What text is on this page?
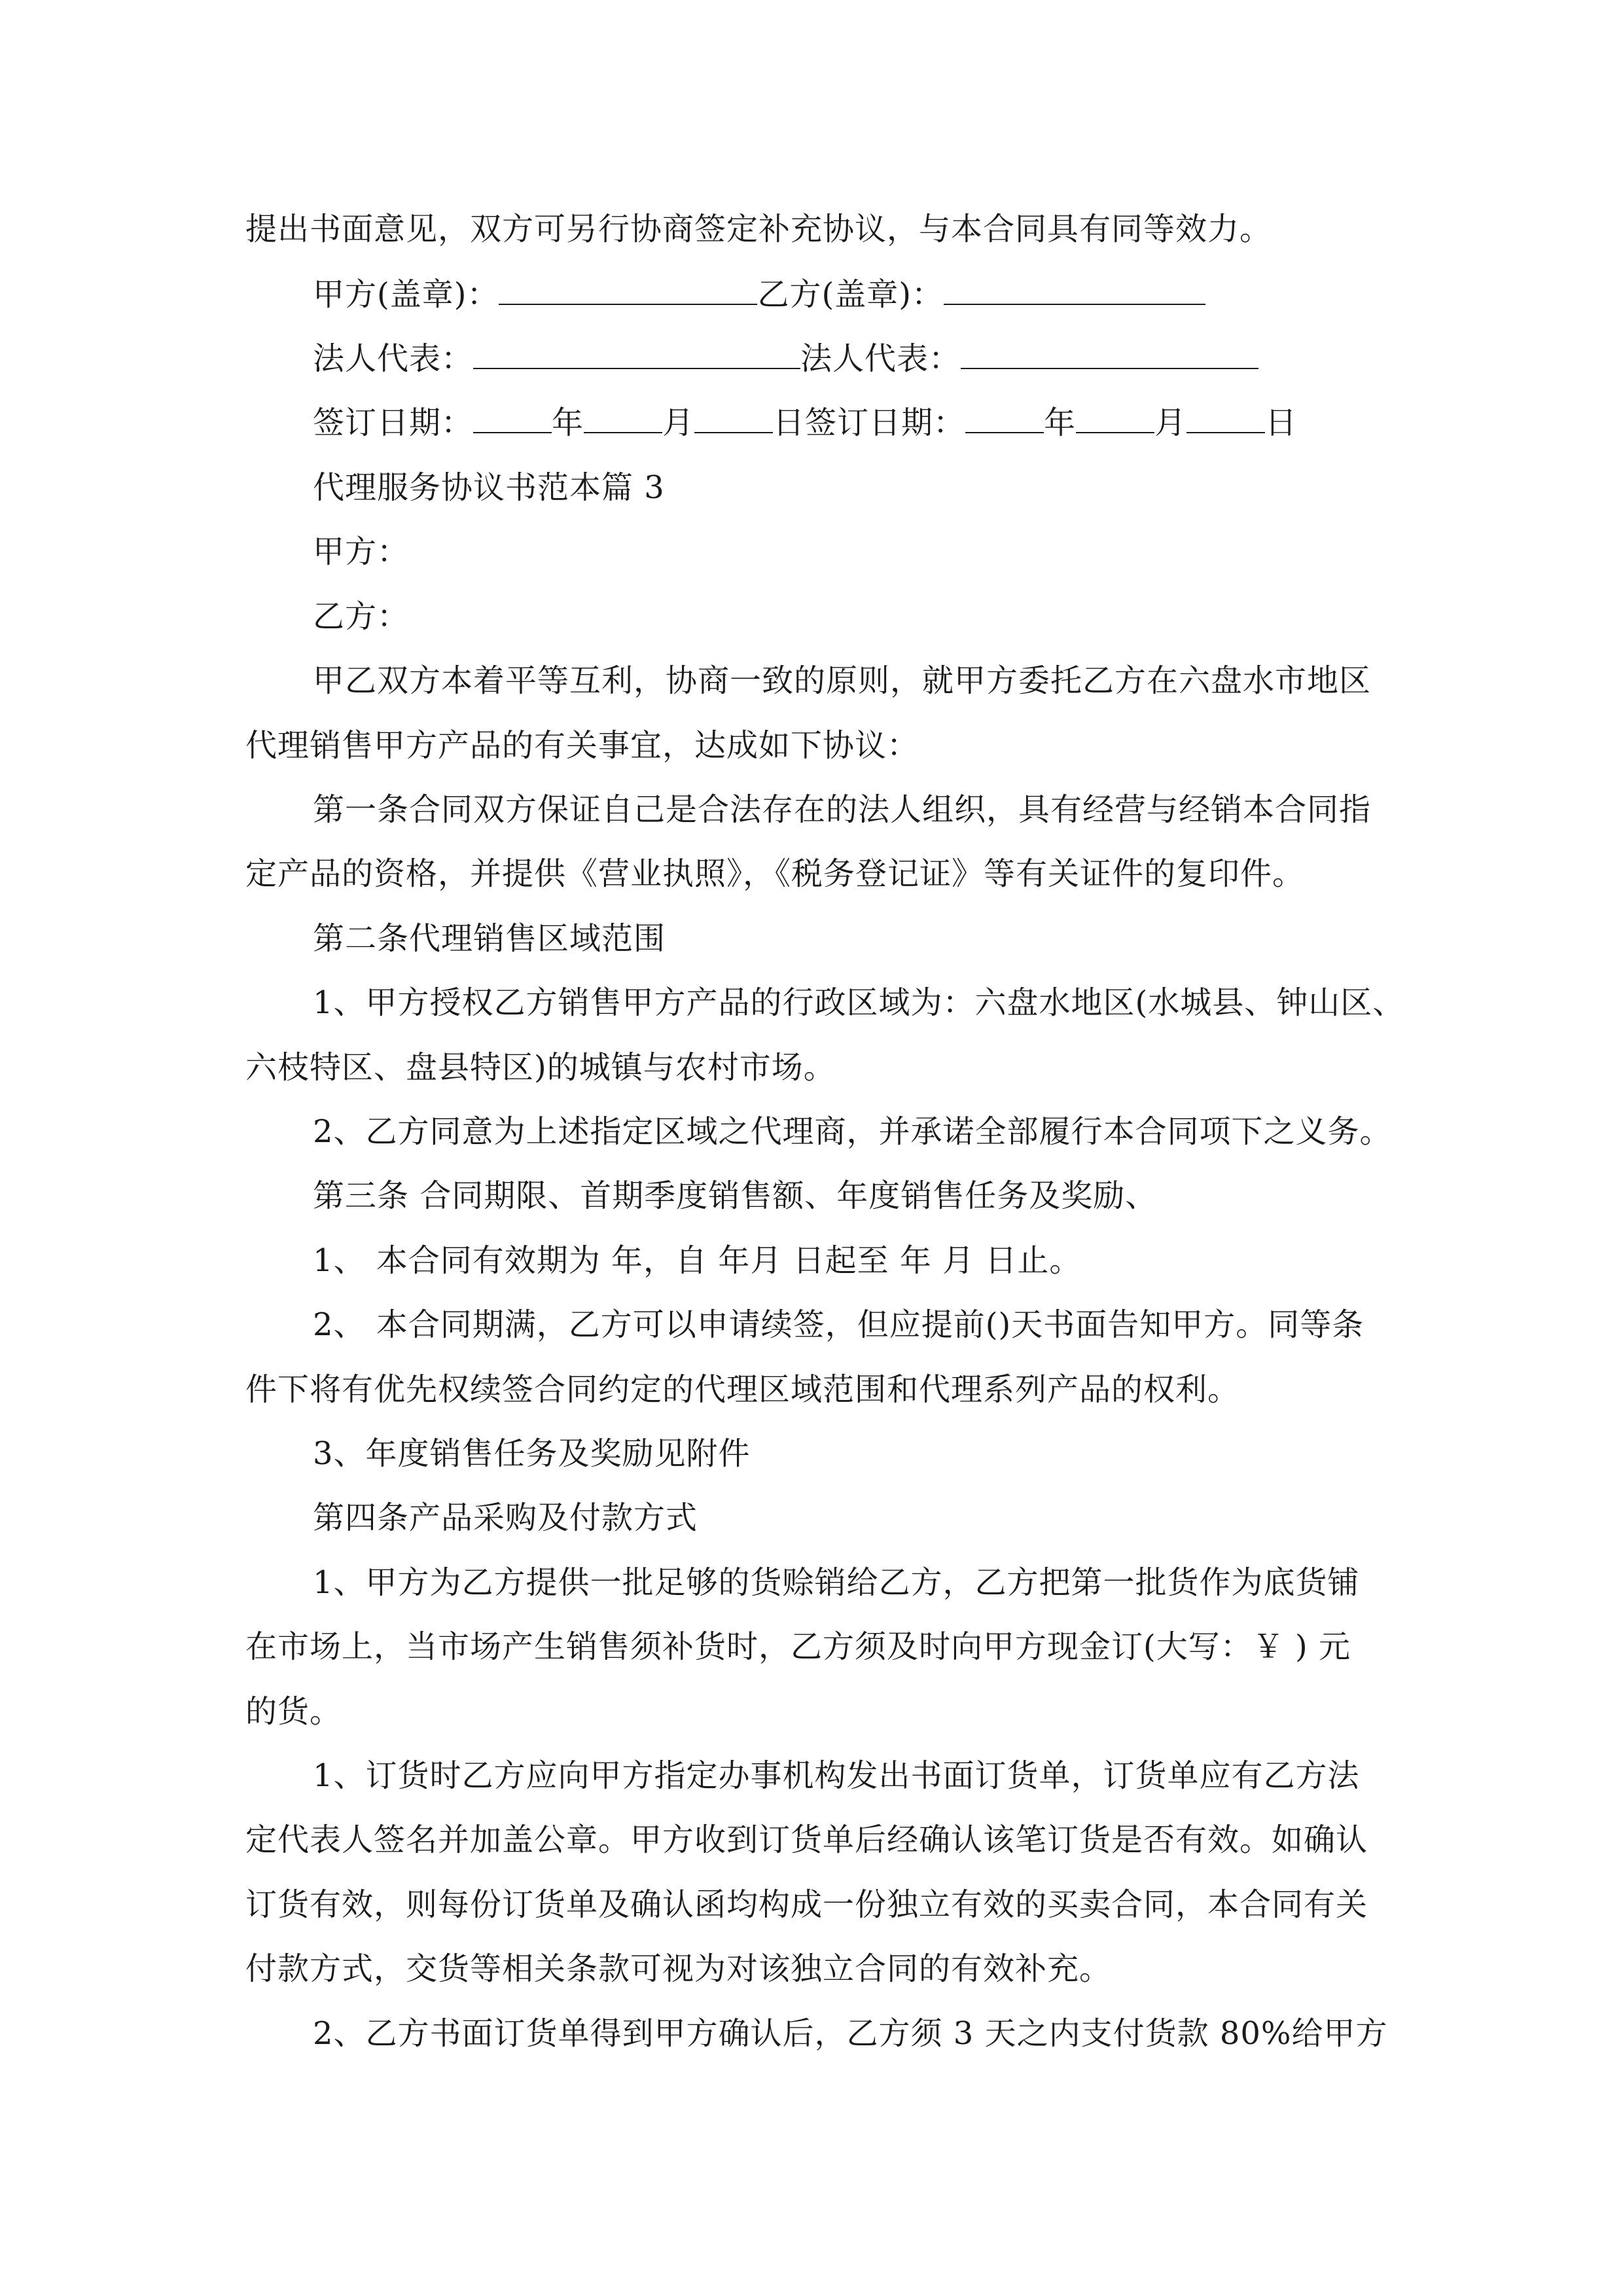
提出书面意见，双方可另行协商签定补充协议，与本合同具有同等效力。
甲方(盖章)：	乙方(盖章)：
法人代表：	法人代表：
签订日期：	年	月	日签订日期：	年	月	日
代理服务协议书范本篇 3
甲方：
乙方：
甲乙双方本着平等互利，协商一致的原则，就甲方委托乙方在六盘水市地区
代理销售甲方产品的有关事宜，达成如下协议：
第一条合同双方保证自己是合法存在的法人组织，具有经营与经销本合同指
定产品的资格，并提供《营业执照》，《税务登记证》等有关证件的复印件。
第二条代理销售区域范围
1、甲方授权乙方销售甲方产品的行政区域为：六盘水地区(水城县、钟山区、
六枝特区、盘县特区)的城镇与农村市场。
2、乙方同意为上述指定区域之代理商，并承诺全部履行本合同项下之义务。
第三条 合同期限、首期季度销售额、年度销售任务及奖励、
1、 本合同有效期为 年，自 年月 日起至 年 月 日止。
2、 本合同期满，乙方可以申请续签，但应提前()天书面告知甲方。同等条
件下将有优先权续签合同约定的代理区域范围和代理系列产品的权利。
3、年度销售任务及奖励见附件
第四条产品采购及付款方式
1、甲方为乙方提供一批足够的货赊销给乙方，乙方把第一批货作为底货铺
在市场上，当市场产生销售须补货时，乙方须及时向甲方现金订(大写：￥ ) 元
的货。
1、订货时乙方应向甲方指定办事机构发出书面订货单，订货单应有乙方法
定代表人签名并加盖公章。甲方收到订货单后经确认该笔订货是否有效。如确认
订货有效，则每份订货单及确认函均构成一份独立有效的买卖合同，本合同有关
付款方式，交货等相关条款可视为对该独立合同的有效补充。
2、乙方书面订货单得到甲方确认后，乙方须 3 天之内支付货款 80%给甲方
